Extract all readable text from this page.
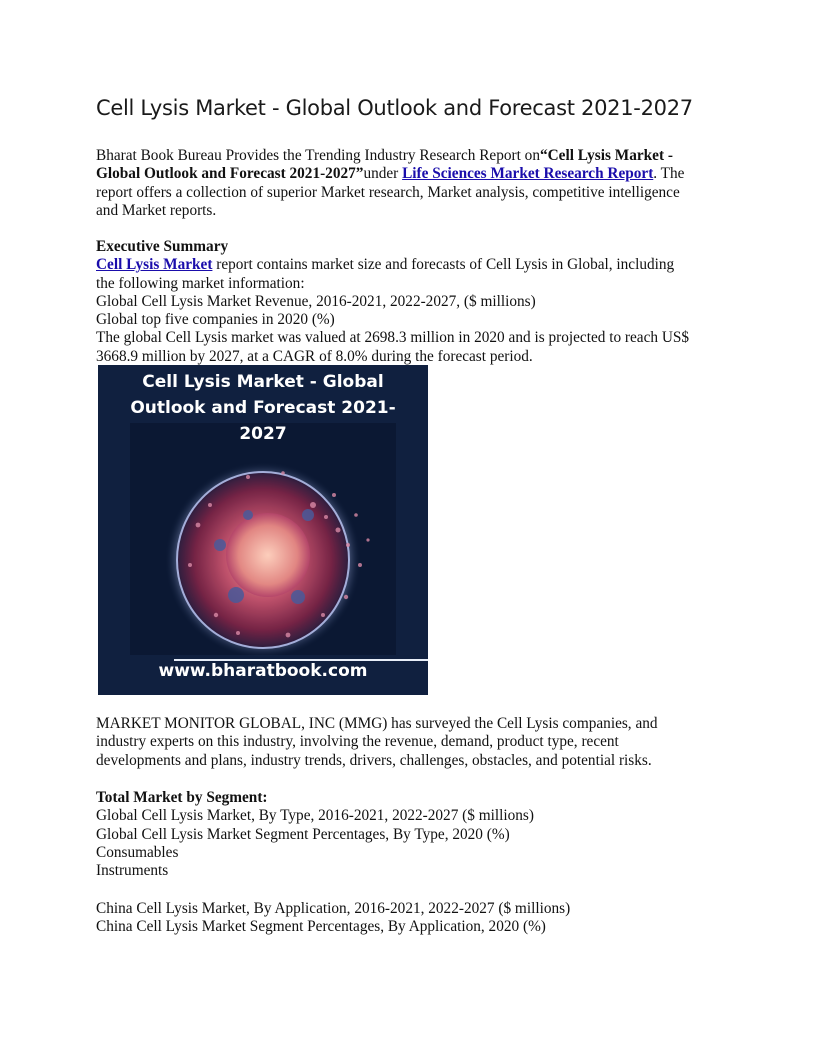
Cell Lysis Market - Global Outlook and Forecast 2021-2027
Bharat Book Bureau Provides the Trending Industry Research Report on“Cell Lysis Market -
Global Outlook and Forecast 2021-2027”under Life Sciences Market Research Report. The
report offers a collection of superior Market research, Market analysis, competitive intelligence
and Market reports.
Executive Summary
Cell Lysis Market report contains market size and forecasts of Cell Lysis in Global, including
the following market information:
Global Cell Lysis Market Revenue, 2016-2021, 2022-2027, ($ millions)
Global top five companies in 2020 (%)
The global Cell Lysis market was valued at 2698.3 million in 2020 and is projected to reach US$
3668.9 million by 2027, at a CAGR of 8.0% during the forecast period.
Cell Lysis Market - Global
Outlook and Forecast 2021-
2027
www.bharatbook.com
MARKET MONITOR GLOBAL, INC (MMG) has surveyed the Cell Lysis companies, and
industry experts on this industry, involving the revenue, demand, product type, recent
developments and plans, industry trends, drivers, challenges, obstacles, and potential risks.
Total Market by Segment:
Global Cell Lysis Market, By Type, 2016-2021, 2022-2027 ($ millions)
Global Cell Lysis Market Segment Percentages, By Type, 2020 (%)
Consumables
Instruments
China Cell Lysis Market, By Application, 2016-2021, 2022-2027 ($ millions)
China Cell Lysis Market Segment Percentages, By Application, 2020 (%)
